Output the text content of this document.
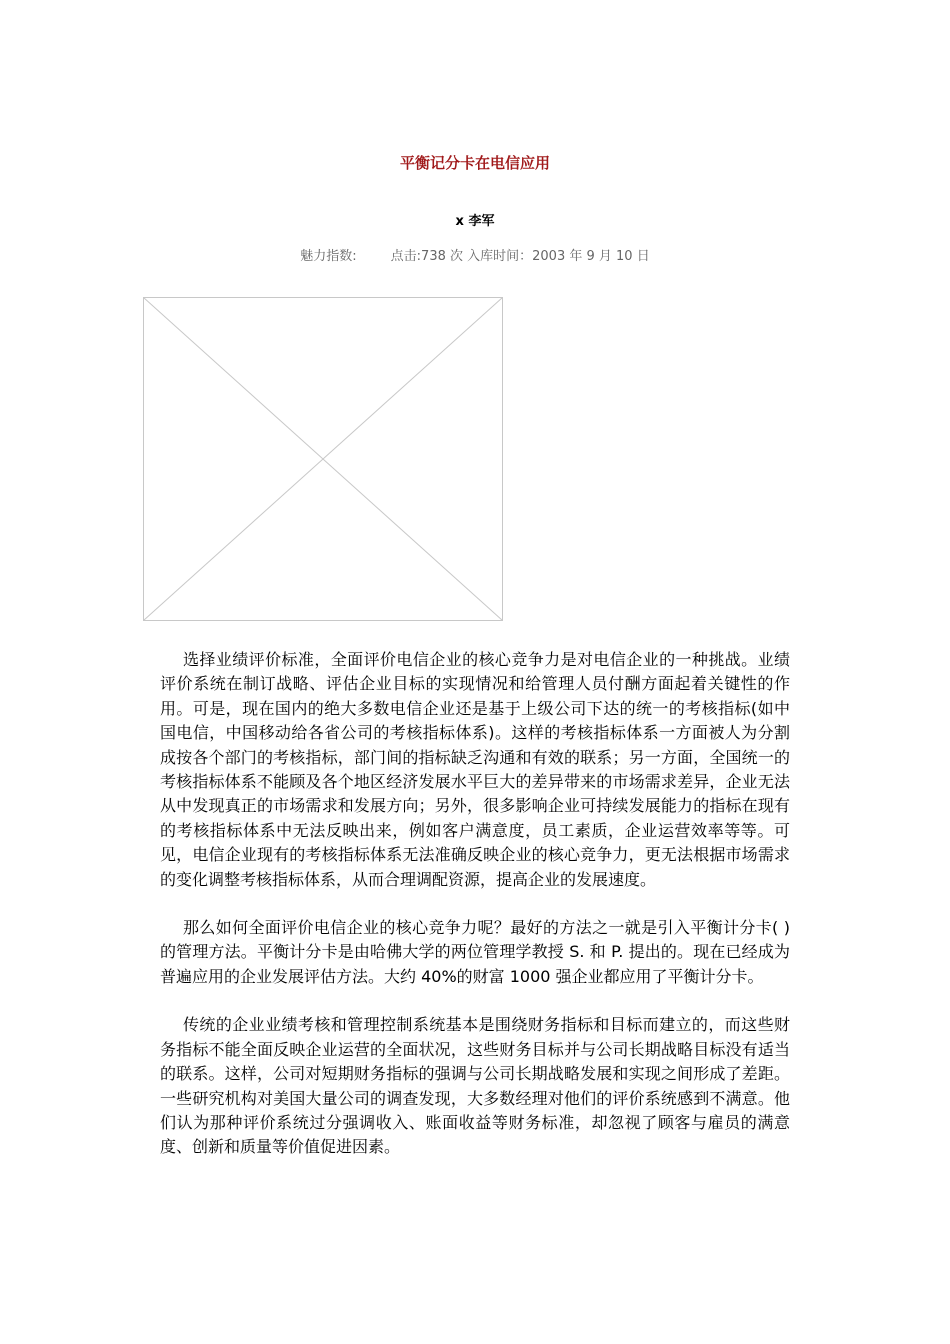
平衡记分卡在电信应用
x 李军
魅力指数:	点击:738 次 入库时间：2003 年 9 月 10 日

选择业绩评价标准，全面评价电信企业的核心竞争力是对电信企业的一种挑战。业绩评价系统在制订战略、评估企业目标的实现情况和给管理人员付酬方面起着关键性的作用。可是，现在国内的绝大多数电信企业还是基于上级公司下达的统一的考核指标(如中国电信，中国移动给各省公司的考核指标体系)。这样的考核指标体系一方面被人为分割成按各个部门的考核指标，部门间的指标缺乏沟通和有效的联系；另一方面，全国统一的考核指标体系不能顾及各个地区经济发展水平巨大的差异带来的市场需求差异，企业无法从中发现真正的市场需求和发展方向；另外，很多影响企业可持续发展能力的指标在现有的考核指标体系中无法反映出来，例如客户满意度，员工素质，企业运营效率等等。可见，电信企业现有的考核指标体系无法准确反映企业的核心竞争力，更无法根据市场需求的变化调整考核指标体系，从而合理调配资源，提高企业的发展速度。

那么如何全面评价电信企业的核心竞争力呢？最好的方法之一就是引入平衡计分卡( )的管理方法。平衡计分卡是由哈佛大学的两位管理学教授 S. 和 P. 提出的。现在已经成为普遍应用的企业发展评估方法。大约 40%的财富 1000 强企业都应用了平衡计分卡。

传统的企业业绩考核和管理控制系统基本是围绕财务指标和目标而建立的，而这些财务指标不能全面反映企业运营的全面状况，这些财务目标并与公司长期战略目标没有适当的联系。这样，公司对短期财务指标的强调与公司长期战略发展和实现之间形成了差距。一些研究机构对美国大量公司的调查发现，大多数经理对他们的评价系统感到不满意。他们认为那种评价系统过分强调收入、账面收益等财务标准，却忽视了顾客与雇员的满意度、创新和质量等价值促进因素。
